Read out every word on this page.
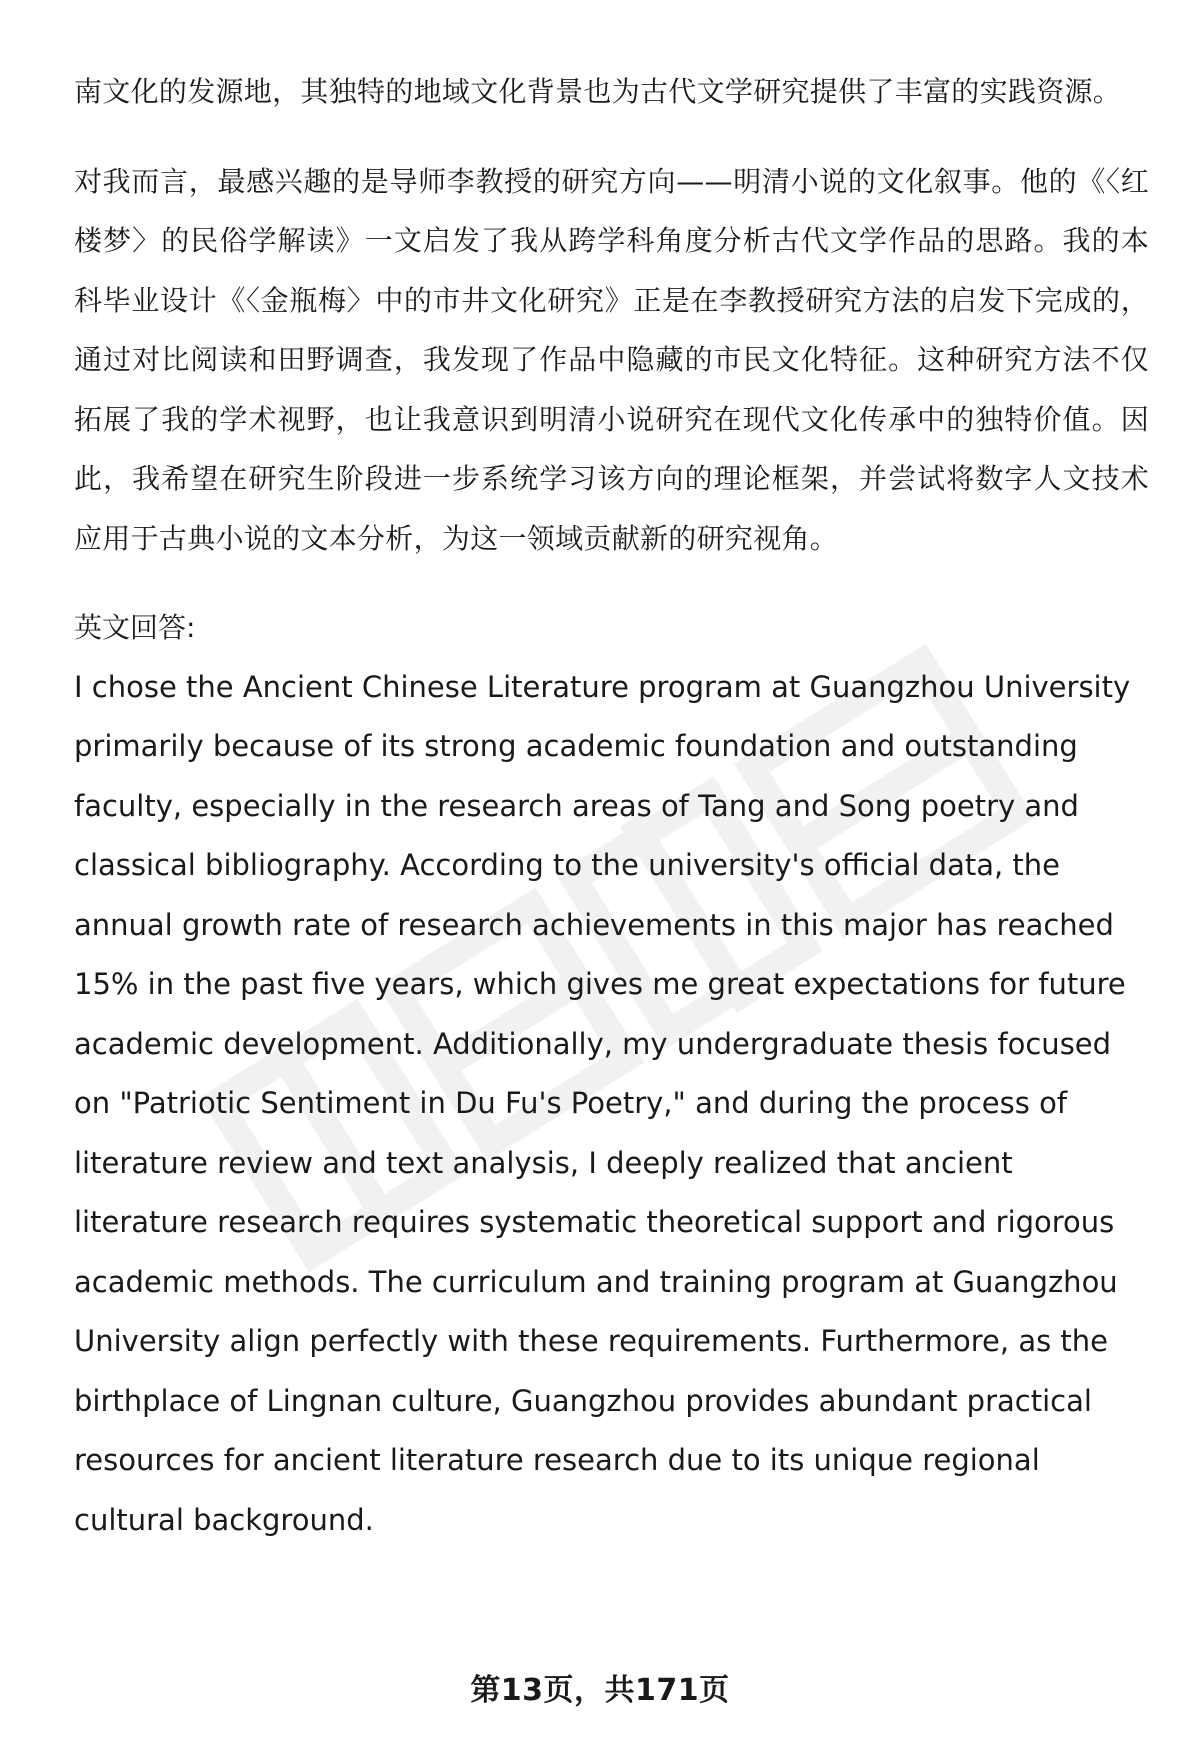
南文化的发源地，其独特的地域文化背景也为古代文学研究提供了丰富的实践资源。

对我而言，最感兴趣的是导师李教授的研究方向——明清小说的文化叙事。他的《〈红楼梦〉的民俗学解读》一文启发了我从跨学科角度分析古代文学作品的思路。我的本科毕业设计《〈金瓶梅〉中的市井文化研究》正是在李教授研究方法的启发下完成的，通过对比阅读和田野调查，我发现了作品中隐藏的市民文化特征。这种研究方法不仅拓展了我的学术视野，也让我意识到明清小说研究在现代文化传承中的独特价值。因此，我希望在研究生阶段进一步系统学习该方向的理论框架，并尝试将数字人文技术应用于古典小说的文本分析，为这一领域贡献新的研究视角。

英文回答:

I chose the Ancient Chinese Literature program at Guangzhou University primarily because of its strong academic foundation and outstanding faculty, especially in the research areas of Tang and Song poetry and classical bibliography. According to the university's official data, the annual growth rate of research achievements in this major has reached 15% in the past five years, which gives me great expectations for future academic development. Additionally, my undergraduate thesis focused on "Patriotic Sentiment in Du Fu's Poetry," and during the process of literature review and text analysis, I deeply realized that ancient literature research requires systematic theoretical support and rigorous academic methods. The curriculum and training program at Guangzhou University align perfectly with these requirements. Furthermore, as the birthplace of Lingnan culture, Guangzhou provides abundant practical resources for ancient literature research due to its unique regional cultural background.

第13页，共171页
